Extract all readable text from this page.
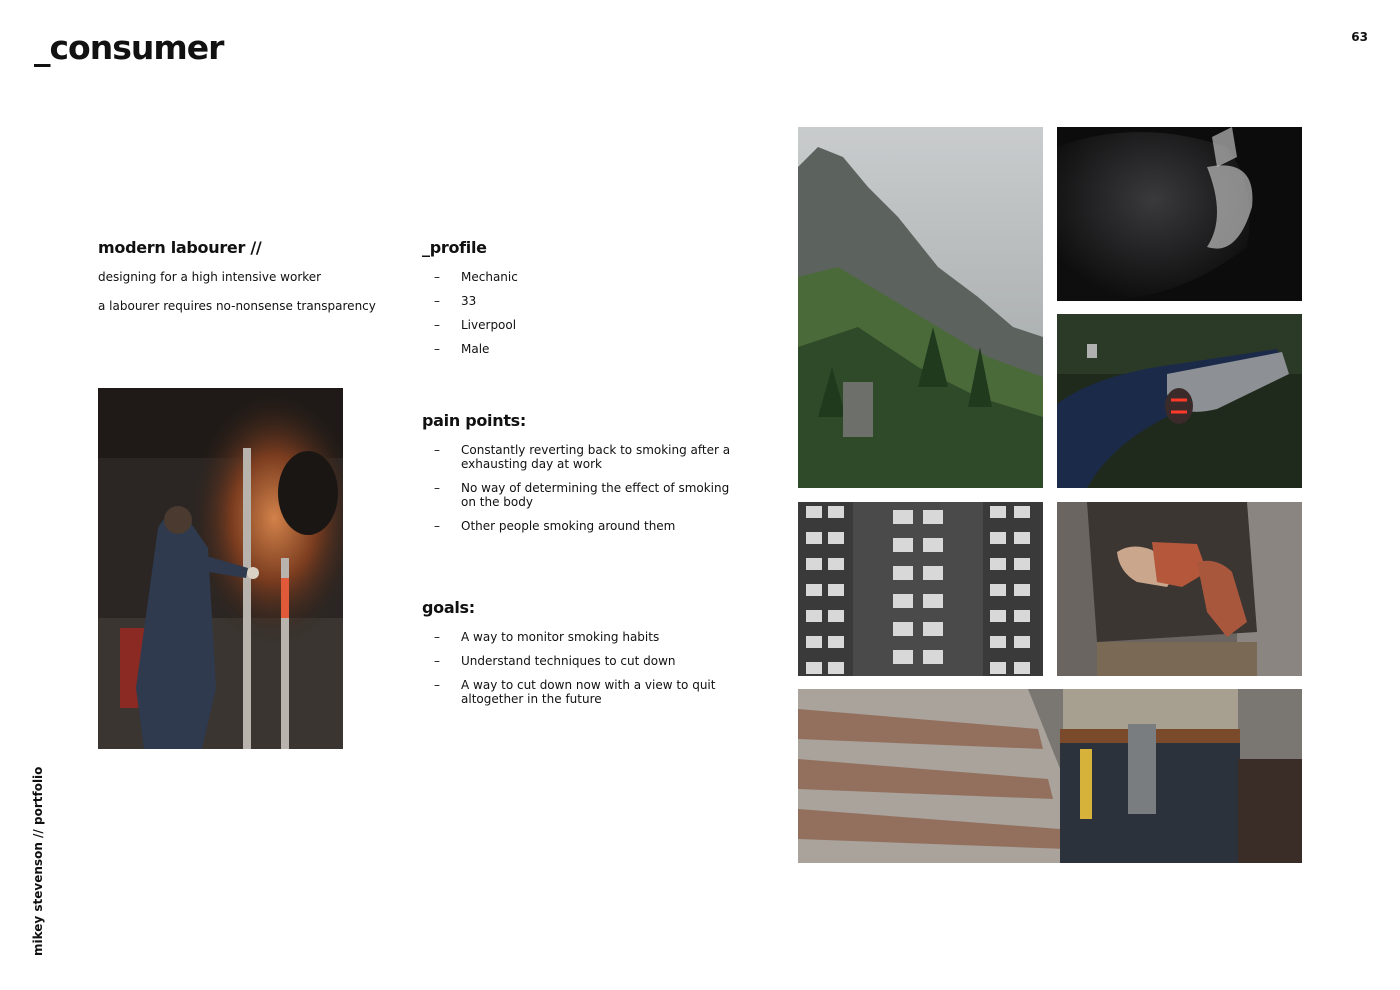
_consumer	63
mikey stevenson // portfolio
modern labourer //

designing for a high intensive worker

a labourer requires no-nonsense transparency

_profile
– Mechanic
– 33
– Liverpool
– Male
pain points:
– Constantly reverting back to smoking after a exhausting day at work
– No way of determining the effect of smoking on the body
– Other people smoking around them
goals:
– A way to monitor smoking habits
– Understand techniques to cut down
– A way to cut down now with a view to quit altogether in the future
